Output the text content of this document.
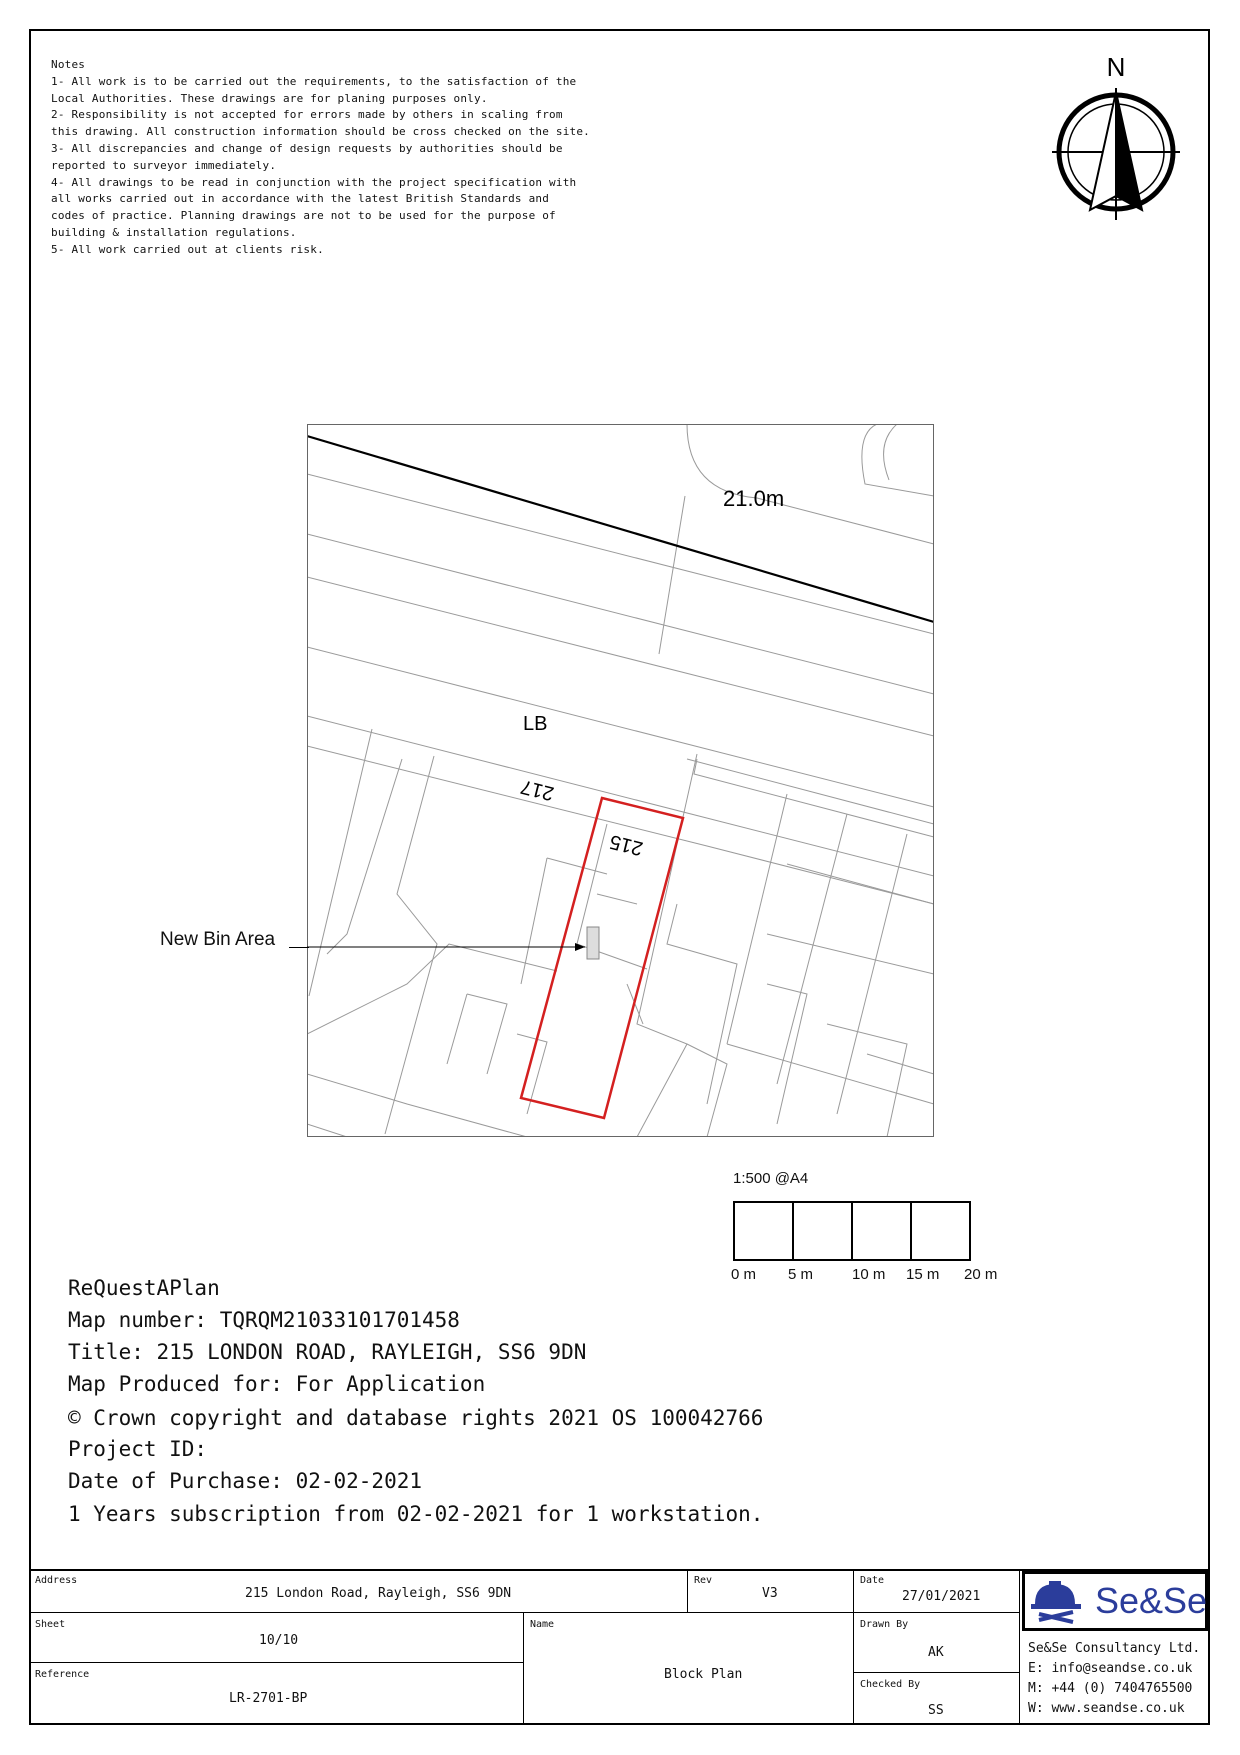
Notes
1- All work is to be carried out the requirements, to the satisfaction of the
Local Authorities. These drawings are for planing purposes only.
2- Responsibility is not accepted for errors made by others in scaling from
this drawing. All construction information should be cross checked on the site.
3- All discrepancies and change of design requests by authorities should be
reported to surveyor immediately.
4- All drawings to be read in conjunction with the project specification with
all works carried out in accordance with the latest British Standards and
codes of practice. Planning drawings are not to be used for the purpose of
building & installation regulations.
5- All work carried out at clients risk.
N
21.0m
LB
217
215
New Bin Area
1:500 @A4
0 m 5 m	10 m 15 m 20 m
ReQuestAPlan
Map number: TQRQM21033101701458
Title: 215 LONDON ROAD, RAYLEIGH, SS6 9DN
Map Produced for: For Application
© Crown copyright and database rights 2021 OS 100042766
Project ID:
Date of Purchase: 02-02-2021
1 Years subscription from 02-02-2021 for 1 workstation.
Address
215 London Road, Rayleigh, SS6 9DN
Rev
V3
Date
27/01/2021
Sheet
10/10
Reference
LR-2701-BP
Name
Block Plan
Drawn By
AK
Checked By
SS
Se&Se
Se&Se Consultancy Ltd.
E: info@seandse.co.uk
M: +44 (0) 7404765500
W: www.seandse.co.uk
